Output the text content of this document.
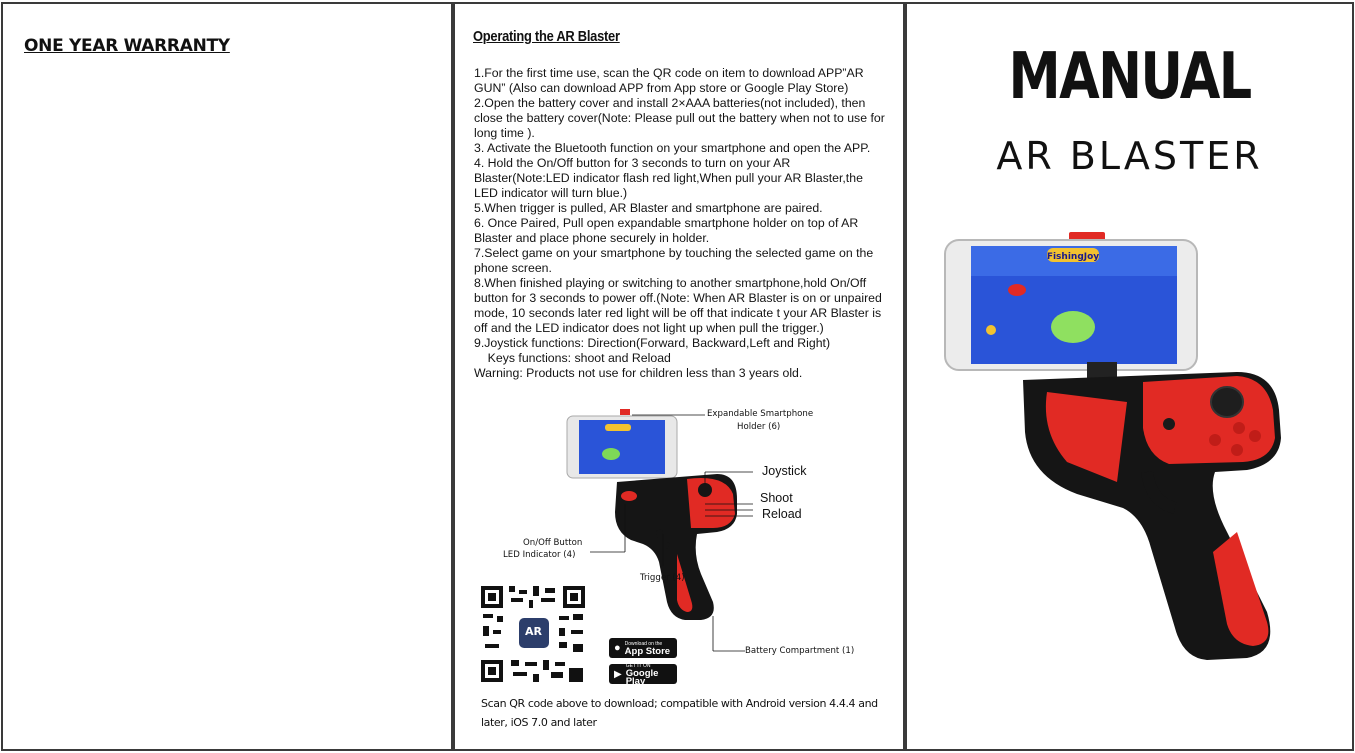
ONE YEAR WARRANTY	Operating the AR Blaster
1.For the first time use, scan the QR code on item to download APP”AR GUN” (Also can download APP from App store or Google Play Store)
2.Open the battery cover and install 2×AAA batteries(not included), then close the battery cover(Note: Please pull out the battery when not to use for long time ).
3. Activate the Bluetooth function on your smartphone and open the APP.
4. Hold the On/Off button for 3 seconds to turn on your AR Blaster(Note:LED indicator flash red light,When pull your AR Blaster,the LED indicator will turn blue.)
5.When trigger is pulled, AR Blaster and smartphone are paired.
6. Once Paired, Pull open expandable smartphone holder on top of AR Blaster and place phone securely in holder.
7.Select game on your smartphone by touching the selected game on the phone screen.
8.When finished playing or switching to another smartphone,hold On/Off button for 3 seconds to power off.(Note: When AR Blaster is on or unpaired mode, 10 seconds later red light will be off that indicate t your AR Blaster is off and the LED indicator does not light up when pull the trigger.)
9.Joystick functions: Direction(Forward, Backward,Left and Right)
Keys functions: shoot and Reload
Warning: Products not use for children less than 3 years old.
Expandable Smartphone
Holder (6)
Joystick
Shoot
Reload
On/Off Button
LED Indicator (4)
Trigger (4)
Battery Compartment (1)
AR
● Download on the
App Store
▶
GET IT ON
Google Play

Scan QR code above to download; compatible with Android version 4.4.4 and later, iOS 7.0 and later

MANUAL
AR BLASTER
FishingJoy
